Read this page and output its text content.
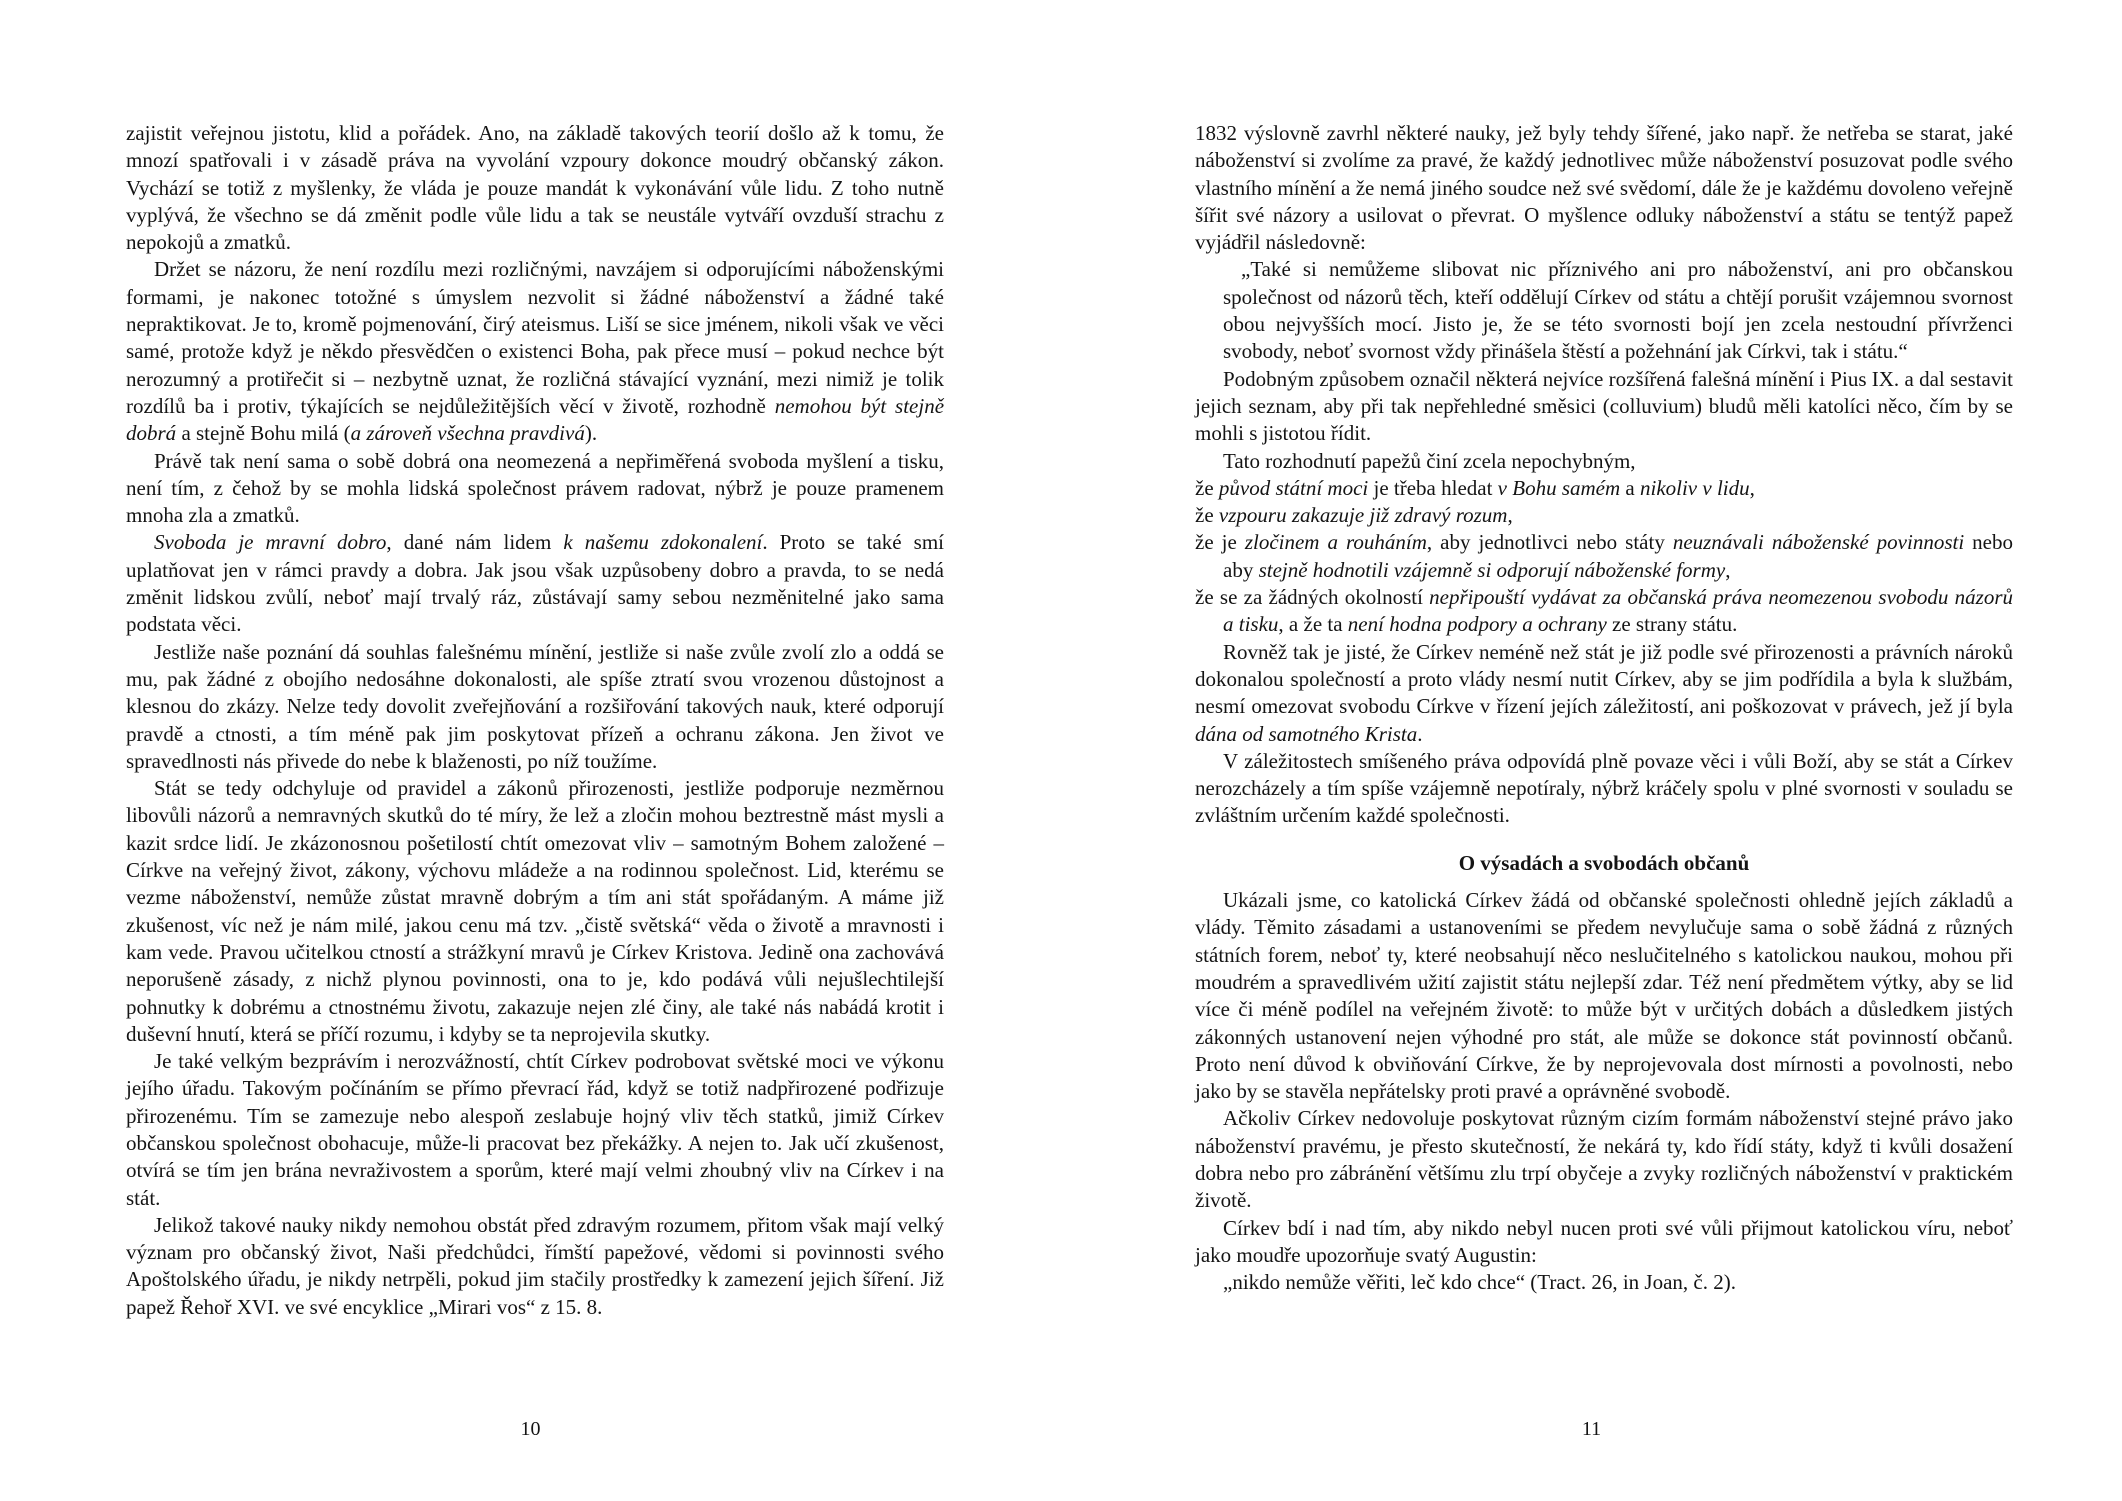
zajistit veřejnou jistotu, klid a pořádek. Ano, na základě takových teorií došlo až k tomu, že mnozí spatřovali i v zásadě práva na vyvolání vzpoury dokonce moudrý občanský zákon. Vychází se totiž z myšlenky, že vláda je pouze mandát k vykonávání vůle lidu. Z toho nutně vyplývá, že všechno se dá změnit podle vůle lidu a tak se neustále vytváří ovzduší strachu z nepokojů a zmatků.

Držet se názoru, že není rozdílu mezi rozličnými, navzájem si odporujícími náboženskými formami, je nakonec totožné s úmyslem nezvolit si žádné náboženství a žádné také nepraktikovat. Je to, kromě pojmenování, čirý ateismus. Liší se sice jménem, nikoli však ve věci samé, protože když je někdo přesvědčen o existenci Boha, pak přece musí – pokud nechce být nerozumný a protiřečit si – nezbytně uznat, že rozličná stávající vyznání, mezi nimiž je tolik rozdílů ba i protiv, týkajících se nejdůležitějších věcí v životě, rozhodně nemohou být stejně dobrá a stejně Bohu milá (a zároveň všechna pravdivá).

Právě tak není sama o sobě dobrá ona neomezená a nepřiměřená svoboda myšlení a tisku, není tím, z čehož by se mohla lidská společnost právem radovat, nýbrž je pouze pramenem mnoha zla a zmatků.

Svoboda je mravní dobro, dané nám lidem k našemu zdokonalení. Proto se také smí uplatňovat jen v rámci pravdy a dobra. Jak jsou však uzpůsobeny dobro a pravda, to se nedá změnit lidskou zvůlí, neboť mají trvalý ráz, zůstávají samy sebou nezměnitelné jako sama podstata věci.

Jestliže naše poznání dá souhlas falešnému mínění, jestliže si naše zvůle zvolí zlo a oddá se mu, pak žádné z obojího nedosáhne dokonalosti, ale spíše ztratí svou vrozenou důstojnost a klesnou do zkázy. Nelze tedy dovolit zveřejňování a rozšiřování takových nauk, které odporují pravdě a ctnosti, a tím méně pak jim poskytovat přízeň a ochranu zákona. Jen život ve spravedlnosti nás přivede do nebe k blaženosti, po níž toužíme.

Stát se tedy odchyluje od pravidel a zákonů přirozenosti, jestliže podporuje nezměrnou libovůli názorů a nemravných skutků do té míry, že lež a zločin mohou beztrestně mást mysli a kazit srdce lidí. Je zkázonosnou pošetilostí chtít omezovat vliv – samotným Bohem založené – Církve na veřejný život, zákony, výchovu mládeže a na rodinnou společnost. Lid, kterému se vezme náboženství, nemůže zůstat mravně dobrým a tím ani stát spořádaným. A máme již zkušenost, víc než je nám milé, jakou cenu má tzv. „čistě světská“ věda o životě a mravnosti i kam vede. Pravou učitelkou ctností a strážkyní mravů je Církev Kristova. Jedině ona zachovává neporušeně zásady, z nichž plynou povinnosti, ona to je, kdo podává vůli nejušlechtilejší pohnutky k dobrému a ctnostnému životu, zakazuje nejen zlé činy, ale také nás nabádá krotit i duševní hnutí, která se příčí rozumu, i kdyby se ta neprojevila skutky.

Je také velkým bezprávím i nerozvážností, chtít Církev podrobovat světské moci ve výkonu jejího úřadu. Takovým počínáním se přímo převrací řád, když se totiž nadpřirozené podřizuje přirozenému. Tím se zamezuje nebo alespoň zeslabuje hojný vliv těch statků, jimiž Církev občanskou společnost obohacuje, může-li pracovat bez překážky. A nejen to. Jak učí zkušenost, otvírá se tím jen brána nevraživostem a sporům, které mají velmi zhoubný vliv na Církev i na stát.

Jelikož takové nauky nikdy nemohou obstát před zdravým rozumem, přitom však mají velký význam pro občanský život, Naši předchůdci, římští papežové, vědomi si povinnosti svého Apoštolského úřadu, je nikdy netrpěli, pokud jim stačily prostředky k zamezení jejich šíření. Již papež Řehoř XVI. ve své encyklice „Mirari vos“ z 15. 8.

10

1832 výslovně zavrhl některé nauky, jež byly tehdy šířené, jako např. že netřeba se starat, jaké náboženství si zvolíme za pravé, že každý jednotlivec může náboženství posuzovat podle svého vlastního mínění a že nemá jiného soudce než své svědomí, dále že je každému dovoleno veřejně šířit své názory a usilovat o převrat. O myšlence odluky náboženství a státu se tentýž papež vyjádřil následovně:

„Také si nemůžeme slibovat nic příznivého ani pro náboženství, ani pro občanskou společnost od názorů těch, kteří oddělují Církev od státu a chtějí porušit vzájemnou svornost obou nejvyšších mocí. Jisto je, že se této svornosti bojí jen zcela nestoudní přívrženci svobody, neboť svornost vždy přinášela štěstí a požehnání jak Církvi, tak i státu.“

Podobným způsobem označil některá nejvíce rozšířená falešná mínění i Pius IX. a dal sestavit jejich seznam, aby při tak nepřehledné směsici (colluvium) bludů měli katolíci něco, čím by se mohli s jistotou řídit.

Tato rozhodnutí papežů činí zcela nepochybným,

že původ státní moci je třeba hledat v Bohu samém a nikoliv v lidu,

že vzpouru zakazuje již zdravý rozum,

že je zločinem a rouháním, aby jednotlivci nebo státy neuznávali náboženské povinnosti nebo aby stejně hodnotili vzájemně si odporují náboženské formy,

že se za žádných okolností nepřipouští vydávat za občanská práva neomezenou svobodu názorů a tisku, a že ta není hodna podpory a ochrany ze strany státu.

Rovněž tak je jisté, že Církev neméně než stát je již podle své přirozenosti a právních nároků dokonalou společností a proto vlády nesmí nutit Církev, aby se jim podřídila a byla k službám, nesmí omezovat svobodu Církve v řízení jejích záležitostí, ani poškozovat v právech, jež jí byla dána od samotného Krista.

V záležitostech smíšeného práva odpovídá plně povaze věci i vůli Boží, aby se stát a Církev nerozcházely a tím spíše vzájemně nepotíraly, nýbrž kráčely spolu v plné svornosti v souladu se zvláštním určením každé společnosti.

O výsadách a svobodách občanů

Ukázali jsme, co katolická Církev žádá od občanské společnosti ohledně jejích základů a vlády. Těmito zásadami a ustanoveními se předem nevylučuje sama o sobě žádná z různých státních forem, neboť ty, které neobsahují něco neslučitelného s katolickou naukou, mohou při moudrém a spravedlivém užití zajistit státu nejlepší zdar. Též není předmětem výtky, aby se lid více či méně podílel na veřejném životě: to může být v určitých dobách a důsledkem jistých zákonných ustanovení nejen výhodné pro stát, ale může se dokonce stát povinností občanů. Proto není důvod k obviňování Církve, že by neprojevovala dost mírnosti a povolnosti, nebo jako by se stavěla nepřátelsky proti pravé a oprávněné svobodě.

Ačkoliv Církev nedovoluje poskytovat různým cizím formám náboženství stejné právo jako náboženství pravému, je přesto skutečností, že nekárá ty, kdo řídí státy, když ti kvůli dosažení dobra nebo pro zábránění většímu zlu trpí obyčeje a zvyky rozličných náboženství v praktickém životě.

Církev bdí i nad tím, aby nikdo nebyl nucen proti své vůli přijmout katolickou víru, neboť jako moudře upozorňuje svatý Augustin:

„nikdo nemůže věřiti, leč kdo chce“ (Tract. 26, in Joan, č. 2).

11
